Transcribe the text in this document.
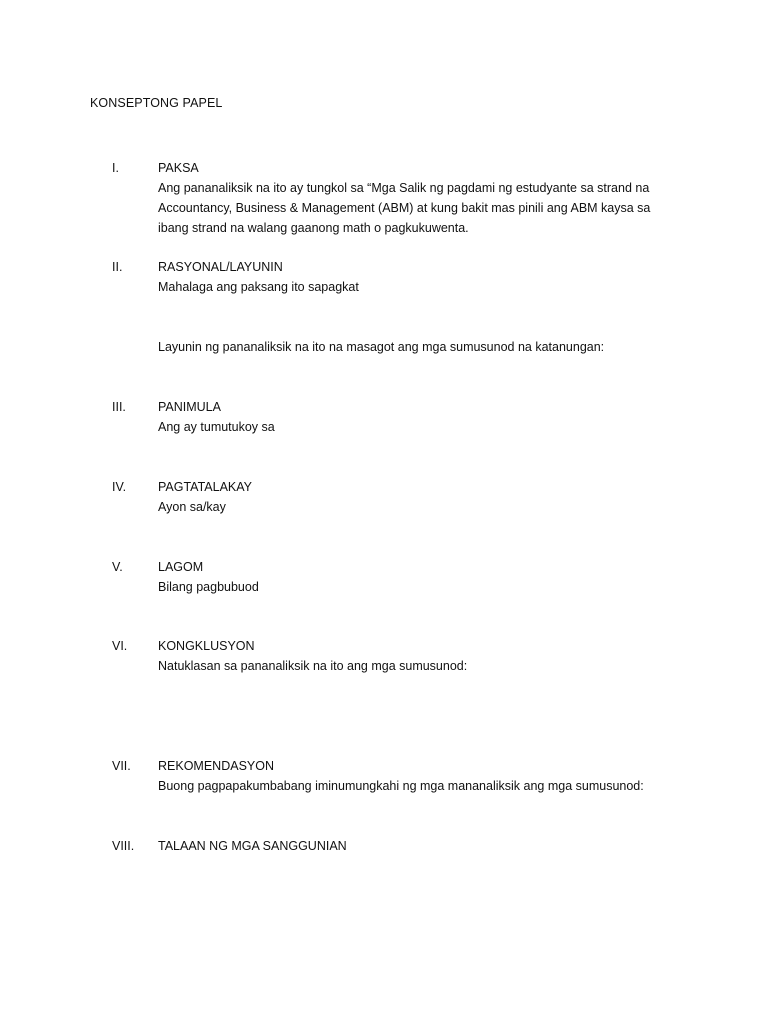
KONSEPTONG PAPEL
I.	PAKSA
Ang pananaliksik na ito ay tungkol sa “Mga Salik ng pagdami ng estudyante sa strand na
Accountancy, Business & Management (ABM) at kung bakit mas pinili ang ABM kaysa sa
ibang strand na walang gaanong math o pagkukuwenta.
II.	RASYONAL/LAYUNIN
Mahalaga ang paksang ito sapagkat
Layunin ng pananaliksik na ito na masagot ang mga sumusunod na katanungan:
III.	PANIMULA
Ang ay tumutukoy sa
IV.	PAGTATALAKAY
Ayon sa/kay
V.	LAGOM
Bilang pagbubuod
VI. KONGKLUSYON
Natuklasan sa pananaliksik na ito ang mga sumusunod:
VII. REKOMENDASYON
Buong pagpapakumbabang iminumungkahi ng mga mananaliksik ang mga sumusunod:
VIII. TALAAN NG MGA SANGGUNIAN
